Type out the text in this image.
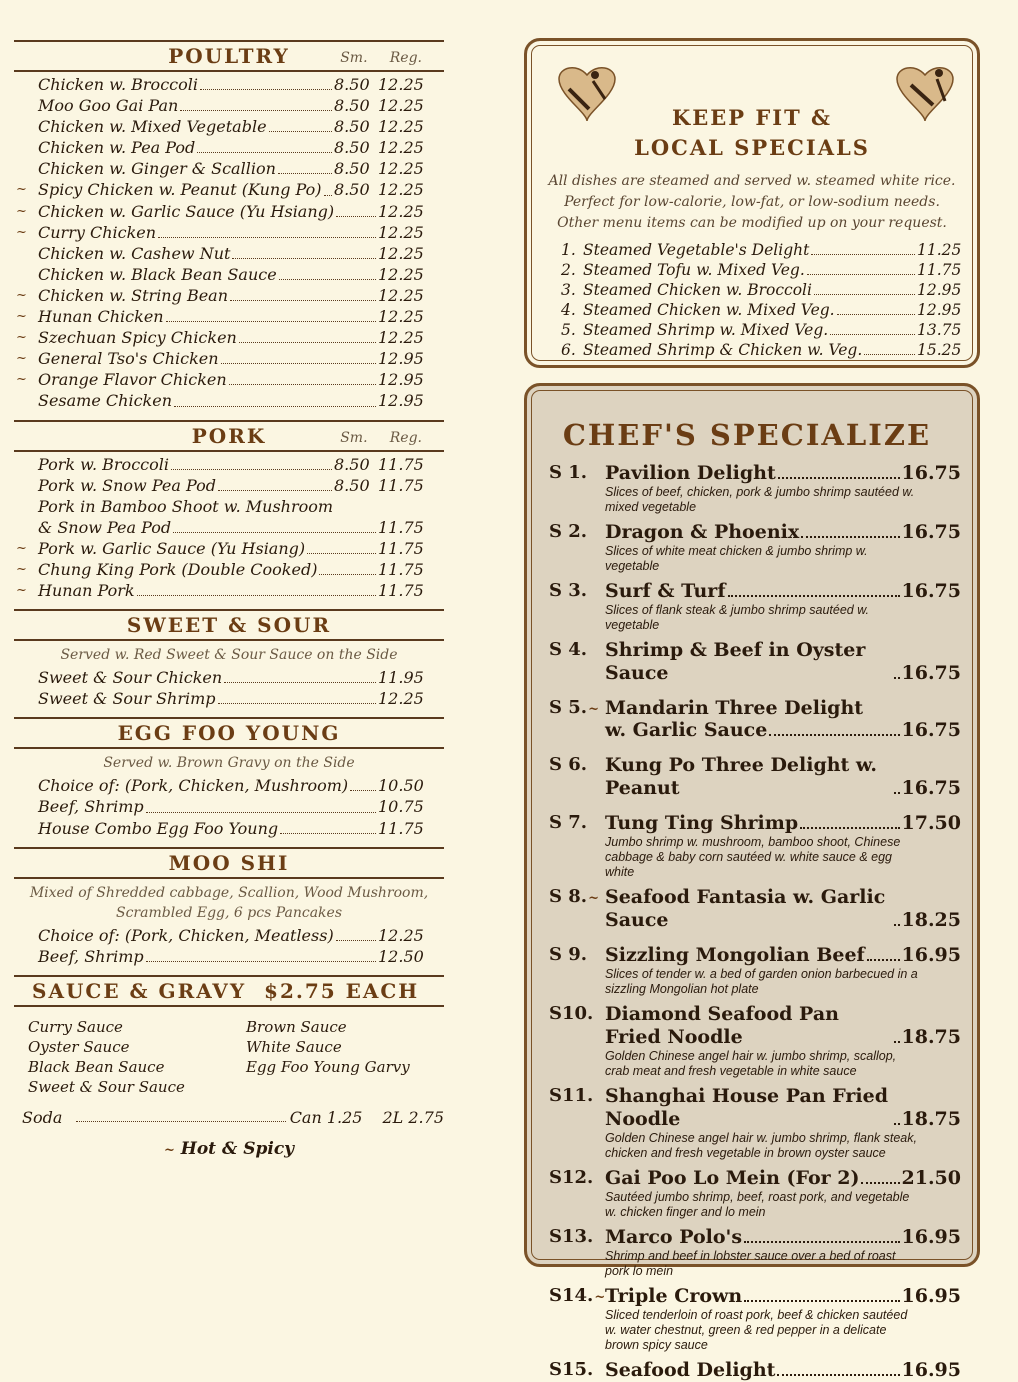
POULTRY	Sm. Reg.
Chicken w. Broccoli	8.50 12.25
Moo Goo Gai Pan	8.50 12.25
Chicken w. Mixed Vegetable	8.50 12.25
Chicken w. Pea Pod	8.50 12.25
Chicken w. Ginger & Scallion	8.50 12.25
~ Spicy Chicken w. Peanut (Kung Po) 8.50 12.25
~ Chicken w. Garlic Sauce (Yu Hsiang)	12.25
~ Curry Chicken	12.25
Chicken w. Cashew Nut	12.25
Chicken w. Black Bean Sauce	12.25
~ Chicken w. String Bean	12.25
~ Hunan Chicken	12.25
~ Szechuan Spicy Chicken	12.25
~ General Tso's Chicken	12.95
~ Orange Flavor Chicken	12.95
Sesame Chicken	12.95
PORK	Sm. Reg.
Pork w. Broccoli	8.50 11.75
Pork w. Snow Pea Pod	8.50 11.75
Pork in Bamboo Shoot w. Mushroom
& Snow Pea Pod	11.75
~ Pork w. Garlic Sauce (Yu Hsiang)	11.75
~ Chung King Pork (Double Cooked)	11.75
~ Hunan Pork	11.75
SWEET & SOUR
Served w. Red Sweet & Sour Sauce on the Side
Sweet & Sour Chicken	11.95
Sweet & Sour Shrimp	12.25
EGG FOO YOUNG
Served w. Brown Gravy on the Side
Choice of: (Pork, Chicken, Mushroom) 10.50
Beef, Shrimp	10.75
House Combo Egg Foo Young	11.75
MOO SHI
Mixed of Shredded cabbage, Scallion, Wood Mushroom,
Scrambled Egg, 6 pcs Pancakes
Choice of: (Pork, Chicken, Meatless)	12.25
Beef, Shrimp	12.50
SAUCE & GRAVY  $2.75 EACH
Curry Sauce	Brown Sauce
Oyster Sauce	White Sauce
Black Bean Sauce	Egg Foo Young Garvy
Sweet & Sour Sauce
Soda	Can 1.25 2L 2.75
~ Hot & Spicy
KEEP FIT &
LOCAL SPECIALS
All dishes are steamed and served w. steamed white rice.
Perfect for low-calorie, low-fat, or low-sodium needs.
Other menu items can be modified up on your request.
1. Steamed Vegetable's Delight	11.25
2. Steamed Tofu w. Mixed Veg.	11.75
3. Steamed Chicken w. Broccoli	12.95
4. Steamed Chicken w. Mixed Veg.	12.95
5. Steamed Shrimp w. Mixed Veg.	13.75
6. Steamed Shrimp & Chicken w. Veg.	15.25
CHEF'S SPECIALIZE
S 1. Pavilion Delight	16.75
Slices of beef, chicken, pork & jumbo shrimp sautéed w. mixed vegetable
S 2. Dragon & Phoenix	16.75
Slices of white meat chicken & jumbo shrimp w. vegetable
S 3. Surf & Turf	16.75
Slices of flank steak & jumbo shrimp sautéed w. vegetable
S 4. Shrimp & Beef in Oyster Sauce	16.75
S 5.~ Mandarin Three Delight
w. Garlic Sauce	16.75
S 6. Kung Po Three Delight w. Peanut	16.75
S 7. Tung Ting Shrimp	17.50
Jumbo shrimp w. mushroom, bamboo shoot, Chinese cabbage & baby corn sautéed w. white sauce & egg white
S 8.~ Seafood Fantasia w. Garlic Sauce	18.25
S 9. Sizzling Mongolian Beef 16.95
Slices of tender w. a bed of garden onion barbecued in a sizzling Mongolian hot plate
S10. Diamond Seafood Pan Fried Noodle	18.75
Golden Chinese angel hair w. jumbo shrimp, scallop, crab meat and fresh vegetable in white sauce
S11. Shanghai House Pan Fried Noodle	18.75
Golden Chinese angel hair w. jumbo shrimp, flank steak, chicken and fresh vegetable in brown oyster sauce
S12. Gai Poo Lo Mein (For 2) 21.50
Sautéed jumbo shrimp, beef, roast pork, and vegetable w. chicken finger and lo mein
S13. Marco Polo's	16.95
Shrimp and beef in lobster sauce over a bed of roast pork lo mein
S14.~ Triple Crown	16.95
Sliced tenderloin of roast pork, beef & chicken sautéed w. water chestnut, green & red pepper in a delicate brown spicy sauce
S15. Seafood Delight	16.95
